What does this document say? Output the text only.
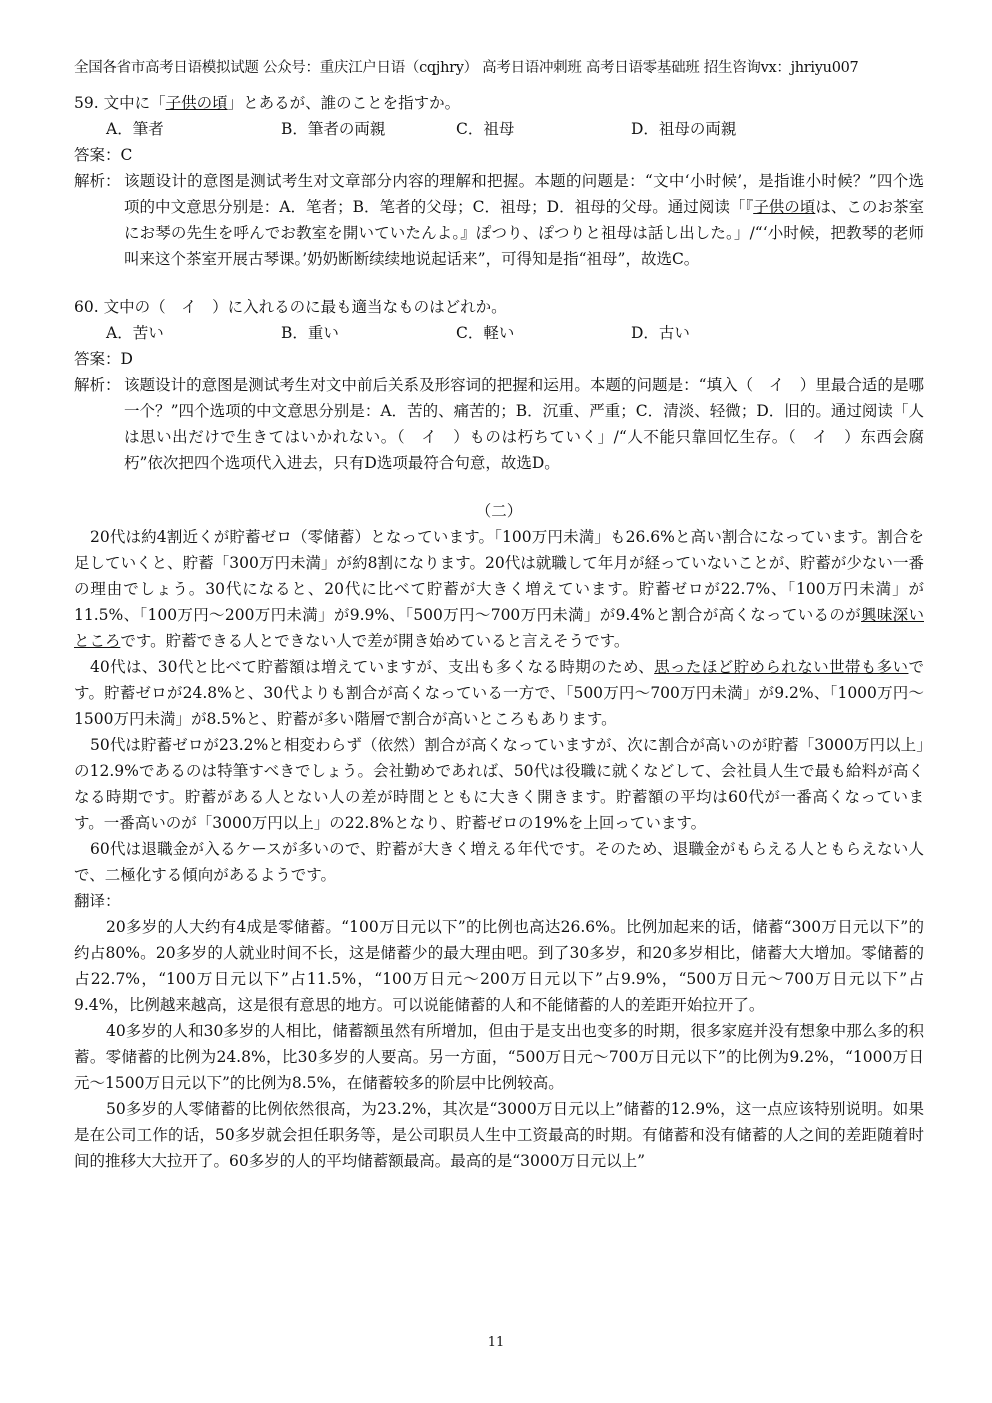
全国各省市高考日语模拟试题 公众号：重庆江户日语（cqjhry） 高考日语冲刺班 高考日语零基础班 招生咨询vx：jhriyu007

59. 文中に「子供の頃」とあるが、誰のことを指すか。

A．筆者	B．筆者の両親	C．祖母	D．祖母の両親

答案：C

解析： 该题设计的意图是测试考生对文章部分内容的理解和把握。本题的问题是：“文中‘小时候’，是指谁小时候？”四个选项的中文意思分别是：A．笔者；B．笔者的父母；C．祖母；D．祖母的父母。通过阅读「『子供の頃は、このお茶室にお琴の先生を呼んでお教室を開いていたんよ。』ぽつり、ぽつりと祖母は話し出した。」/“‘小时候，把教琴的老师叫来这个茶室开展古琴课。’奶奶断断续续地说起话来”，可得知是指“祖母”，故选C。

60. 文中の（　イ　）に入れるのに最も適当なものはどれか。

A．苦い	B．重い	C．軽い	D．古い

答案：D

解析： 该题设计的意图是测试考生对文中前后关系及形容词的把握和运用。本题的问题是：“填入（　イ　）里最合适的是哪一个？”四个选项的中文意思分别是：A．苦的、痛苦的；B．沉重、严重；C．清淡、轻微；D．旧的。通过阅读「人は思い出だけで生きてはいかれない。（　イ　）ものは朽ちていく」/“人不能只靠回忆生存。（　イ　）东西会腐朽”依次把四个选项代入进去，只有D选项最符合句意，故选D。

（二）

20代は約4割近くが貯蓄ゼロ（零储蓄）となっています。「100万円未満」も26.6%と高い割合になっています。割合を足していくと、貯蓄「300万円未満」が約8割になります。20代は就職して年月が経っていないことが、貯蓄が少ない一番の理由でしょう。30代になると、20代に比べて貯蓄が大きく増えています。貯蓄ゼロが22.7%、「100万円未満」が11.5%、「100万円～200万円未満」が9.9%、「500万円～700万円未満」が9.4%と割合が高くなっているのが興味深いところです。貯蓄できる人とできない人で差が開き始めていると言えそうです。

40代は、30代と比べて貯蓄額は増えていますが、支出も多くなる時期のため、思ったほど貯められない世帯も多いです。貯蓄ゼロが24.8%と、30代よりも割合が高くなっている一方で、「500万円～700万円未満」が9.2%、「1000万円～1500万円未満」が8.5%と、貯蓄が多い階層で割合が高いところもあります。

50代は貯蓄ゼロが23.2%と相変わらず（依然）割合が高くなっていますが、次に割合が高いのが貯蓄「3000万円以上」の12.9%であるのは特筆すべきでしょう。会社勤めであれば、50代は役職に就くなどして、会社員人生で最も給料が高くなる時期です。貯蓄がある人とない人の差が時間とともに大きく開きます。貯蓄額の平均は60代が一番高くなっています。一番高いのが「3000万円以上」の22.8%となり、貯蓄ゼロの19%を上回っています。

60代は退職金が入るケースが多いので、貯蓄が大きく増える年代です。そのため、退職金がもらえる人ともらえない人で、二極化する傾向があるようです。

翻译：

20多岁的人大约有4成是零储蓄。“100万日元以下”的比例也高达26.6%。比例加起来的话，储蓄“300万日元以下”的约占80%。20多岁的人就业时间不长，这是储蓄少的最大理由吧。到了30多岁，和20多岁相比，储蓄大大增加。零储蓄的占22.7%，“100万日元以下”占11.5%，“100万日元～200万日元以下”占9.9%，“500万日元～700万日元以下”占9.4%，比例越来越高，这是很有意思的地方。可以说能储蓄的人和不能储蓄的人的差距开始拉开了。

40多岁的人和30多岁的人相比，储蓄额虽然有所增加，但由于是支出也变多的时期，很多家庭并没有想象中那么多的积蓄。零储蓄的比例为24.8%，比30多岁的人要高。另一方面，“500万日元～700万日元以下”的比例为9.2%，“1000万日元～1500万日元以下”的比例为8.5%，在储蓄较多的阶层中比例较高。

50多岁的人零储蓄的比例依然很高，为23.2%，其次是“3000万日元以上”储蓄的12.9%，这一点应该特别说明。如果是在公司工作的话，50多岁就会担任职务等，是公司职员人生中工资最高的时期。有储蓄和没有储蓄的人之间的差距随着时间的推移大大拉开了。60多岁的人的平均储蓄额最高。最高的是“3000万日元以上”

11
